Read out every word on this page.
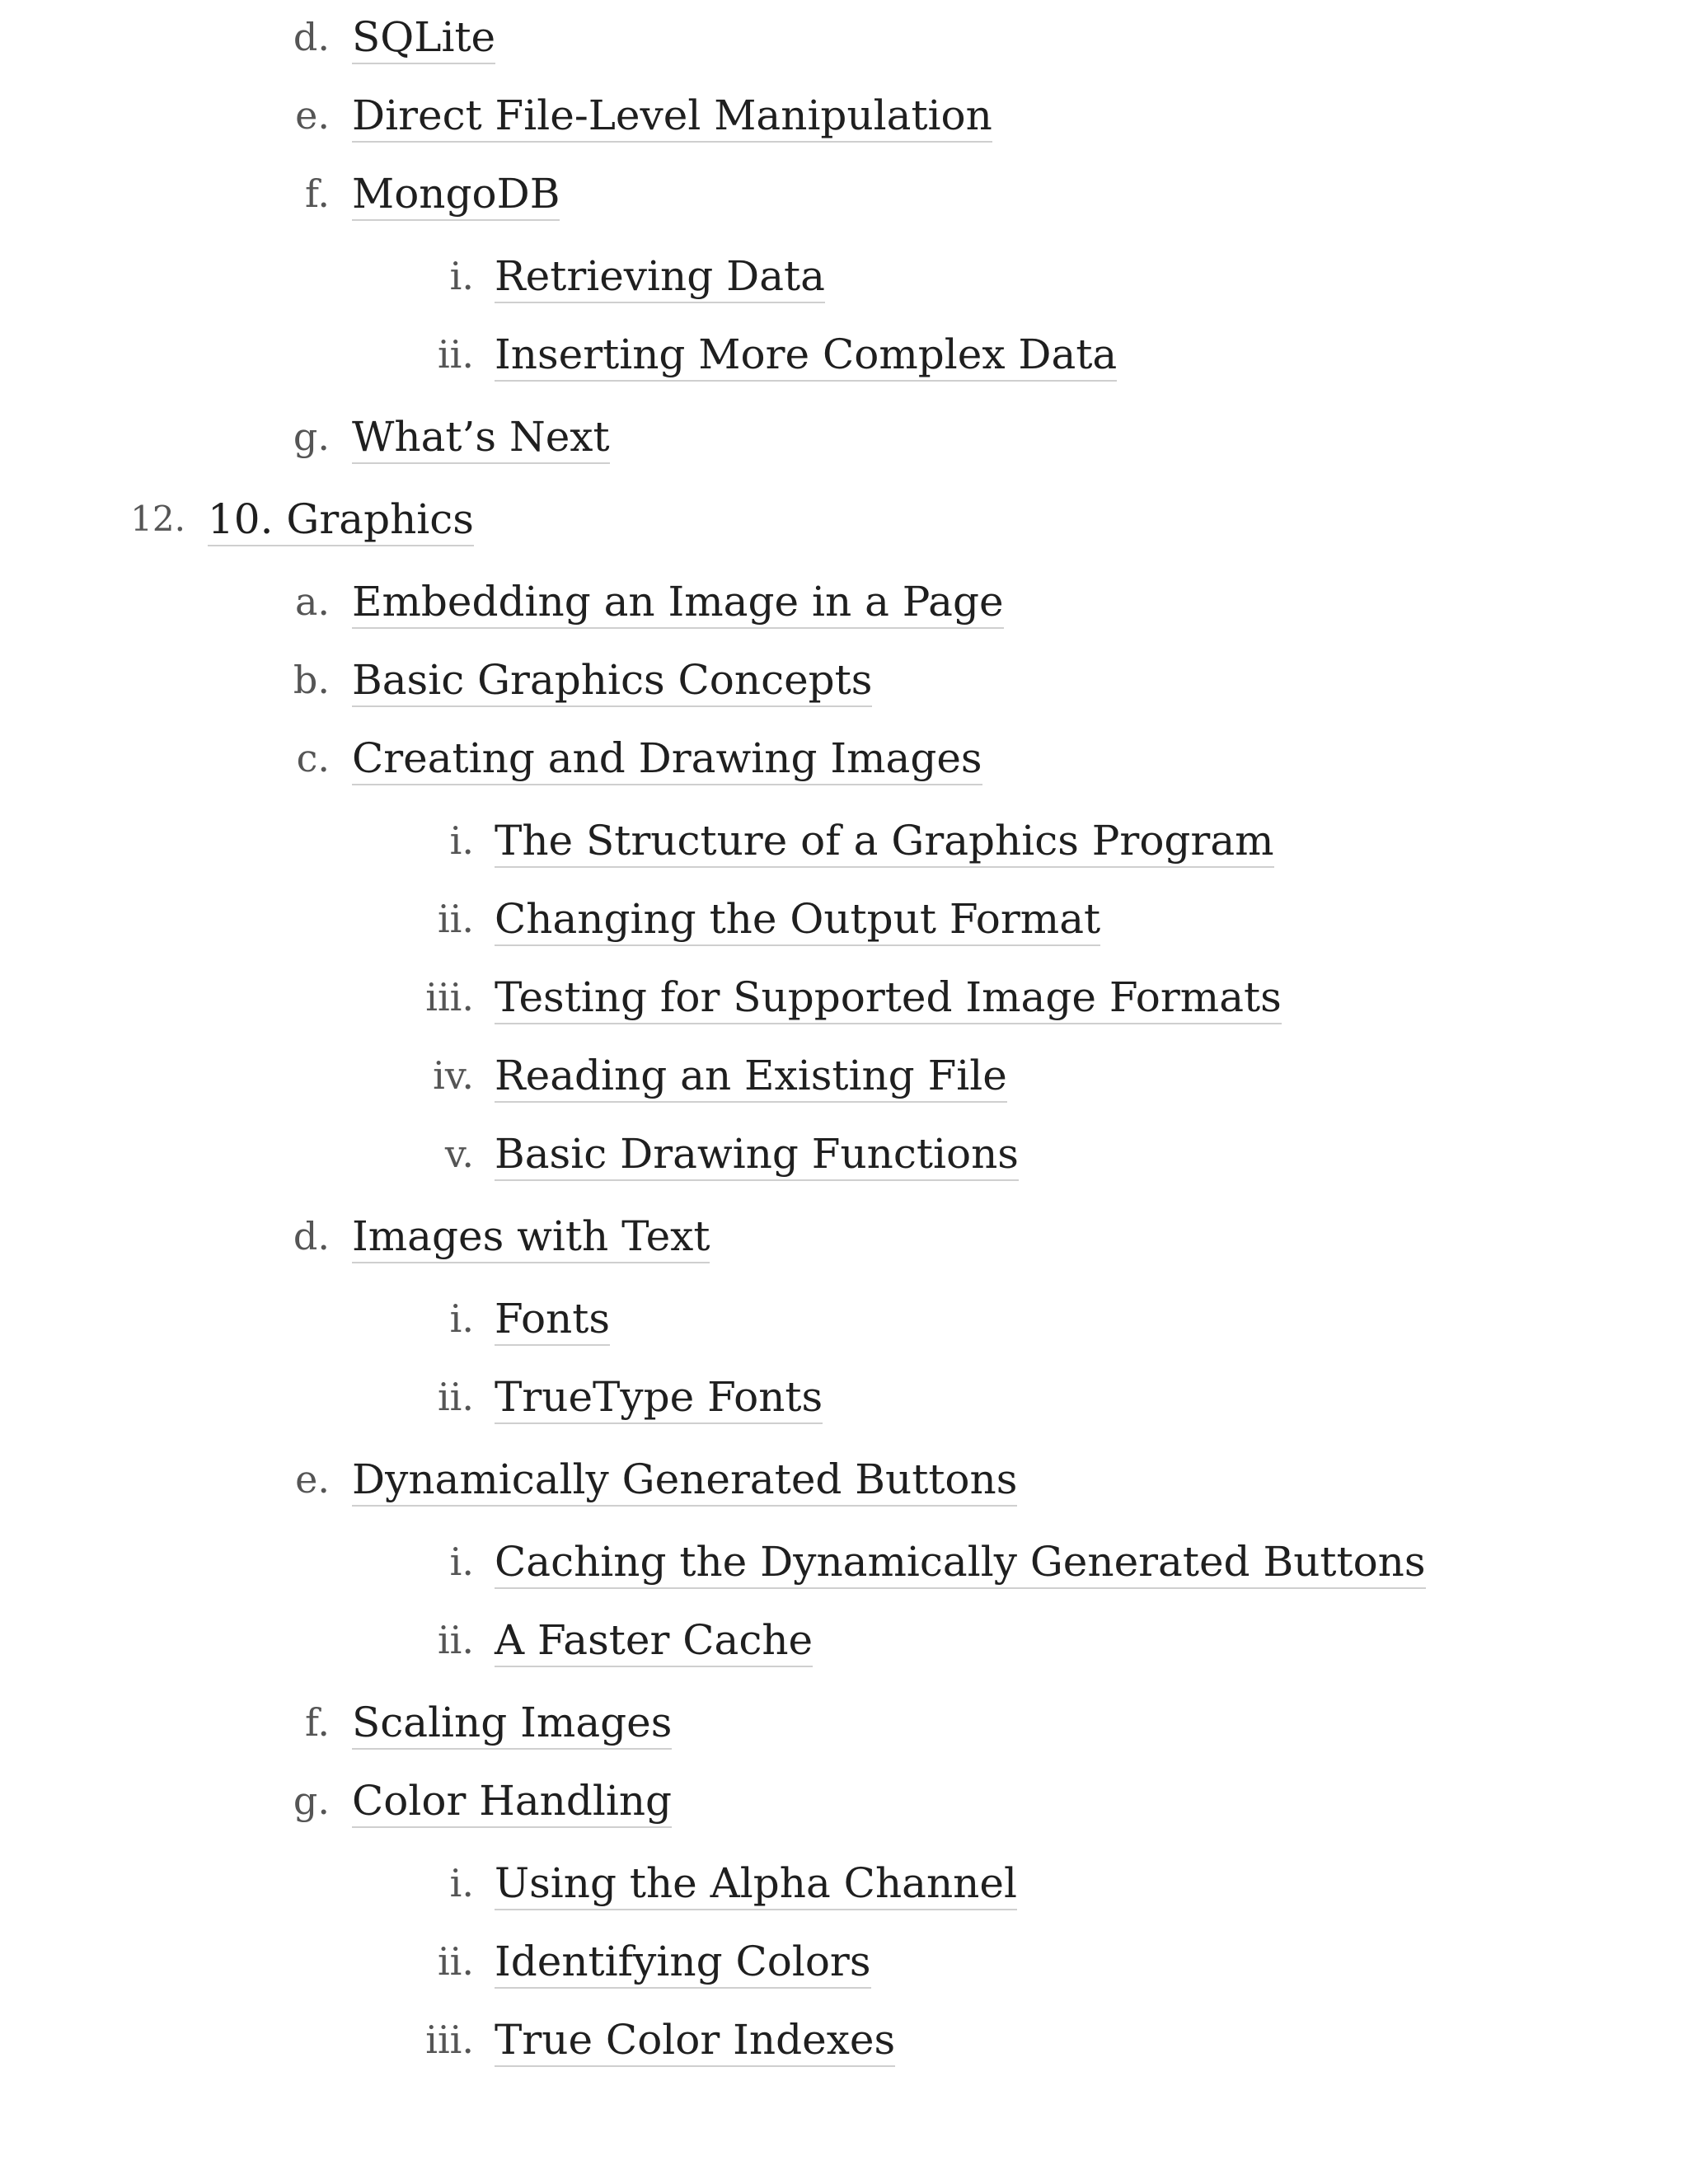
d. SQLite
e. Direct File-Level Manipulation
f. MongoDB
i. Retrieving Data
ii. Inserting More Complex Data
g. What’s Next
12. 10. Graphics
a. Embedding an Image in a Page
b. Basic Graphics Concepts
c. Creating and Drawing Images
i. The Structure of a Graphics Program
ii. Changing the Output Format
iii. Testing for Supported Image Formats
iv. Reading an Existing File
v. Basic Drawing Functions
d. Images with Text
i. Fonts
ii. TrueType Fonts
e. Dynamically Generated Buttons
i. Caching the Dynamically Generated Buttons
ii. A Faster Cache
f. Scaling Images
g. Color Handling
i. Using the Alpha Channel
ii. Identifying Colors
iii. True Color Indexes
